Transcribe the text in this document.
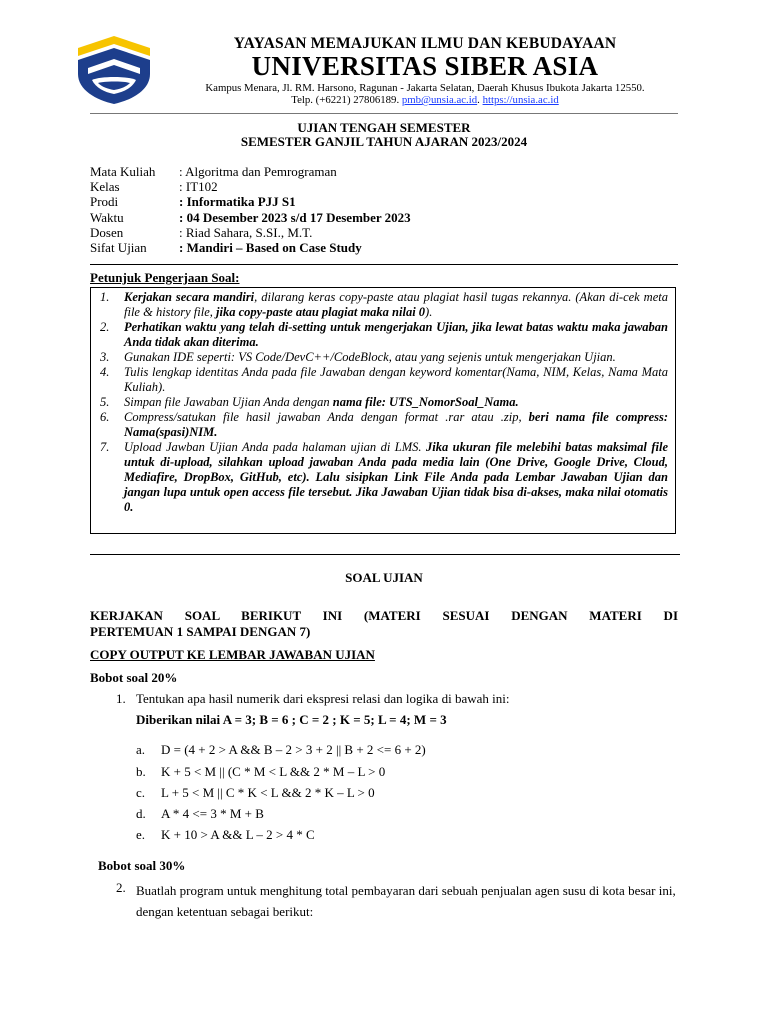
YAYASAN MEMAJUKAN ILMU DAN KEBUDAYAAN
UNIVERSITAS SIBER ASIA
Kampus Menara, Jl. RM. Harsono, Ragunan - Jakarta Selatan, Daerah Khusus Ibukota Jakarta 12550.
Telp. (+6221) 27806189. pmb@unsia.ac.id. https://unsia.ac.id
UJIAN TENGAH SEMESTER
SEMESTER GANJIL TAHUN AJARAN 2023/2024
Mata Kuliah : Algoritma dan Pemrograman
Kelas	: IT102
Prodi	: Informatika PJJ S1
Waktu	: 04 Desember 2023 s/d 17 Desember 2023
Dosen	: Riad Sahara, S.SI., M.T.
Sifat Ujian : Mandiri – Based on Case Study
Petunjuk Pengerjaan Soal:
1. Kerjakan secara mandiri, dilarang keras copy-paste atau plagiat hasil tugas rekannya. (Akan di-cek meta file & history file, jika copy-paste atau plagiat maka nilai 0).
2. Perhatikan waktu yang telah di-setting untuk mengerjakan Ujian, jika lewat batas waktu maka jawaban Anda tidak akan diterima.
3. Gunakan IDE seperti: VS Code/DevC++/CodeBlock, atau yang sejenis untuk mengerjakan Ujian.
4. Tulis lengkap identitas Anda pada file Jawaban dengan keyword komentar(Nama, NIM, Kelas, Nama Mata Kuliah).
5. Simpan file Jawaban Ujian Anda dengan nama file: UTS_NomorSoal_Nama.
6. Compress/satukan file hasil jawaban Anda dengan format .rar atau .zip, beri nama file compress: Nama(spasi)NIM.
7. Upload Jawban Ujian Anda pada halaman ujian di LMS. Jika ukuran file melebihi batas maksimal file untuk di-upload, silahkan upload jawaban Anda pada media lain (One Drive, Google Drive, Cloud, Mediafire, DropBox, GitHub, etc). Lalu sisipkan Link File Anda pada Lembar Jawaban Ujian dan jangan lupa untuk open access file tersebut. Jika Jawaban Ujian tidak bisa di-akses, maka nilai otomatis 0.
SOAL UJIAN
KERJAKAN SOAL BERIKUT INI (MATERI SESUAI DENGAN MATERI DI
PERTEMUAN 1 SAMPAI DENGAN 7)
COPY OUTPUT KE LEMBAR JAWABAN UJIAN
Bobot soal 20%
1. Tentukan apa hasil numerik dari ekspresi relasi dan logika di bawah ini:
Diberikan nilai A = 3; B = 6 ; C = 2 ; K = 5; L = 4; M = 3
a. D = (4 + 2 > A && B – 2 > 3 + 2 || B + 2 <= 6 + 2)
b. K + 5 < M || (C * M < L && 2 * M – L > 0
c. L + 5 < M || C * K < L && 2 * K – L > 0
d. A * 4 <= 3 * M + B
e. K + 10 > A && L – 2 > 4 * C
Bobot soal 30%
2. Buatlah program untuk menghitung total pembayaran dari sebuah penjualan agen susu di kota besar ini, dengan ketentuan sebagai berikut:
